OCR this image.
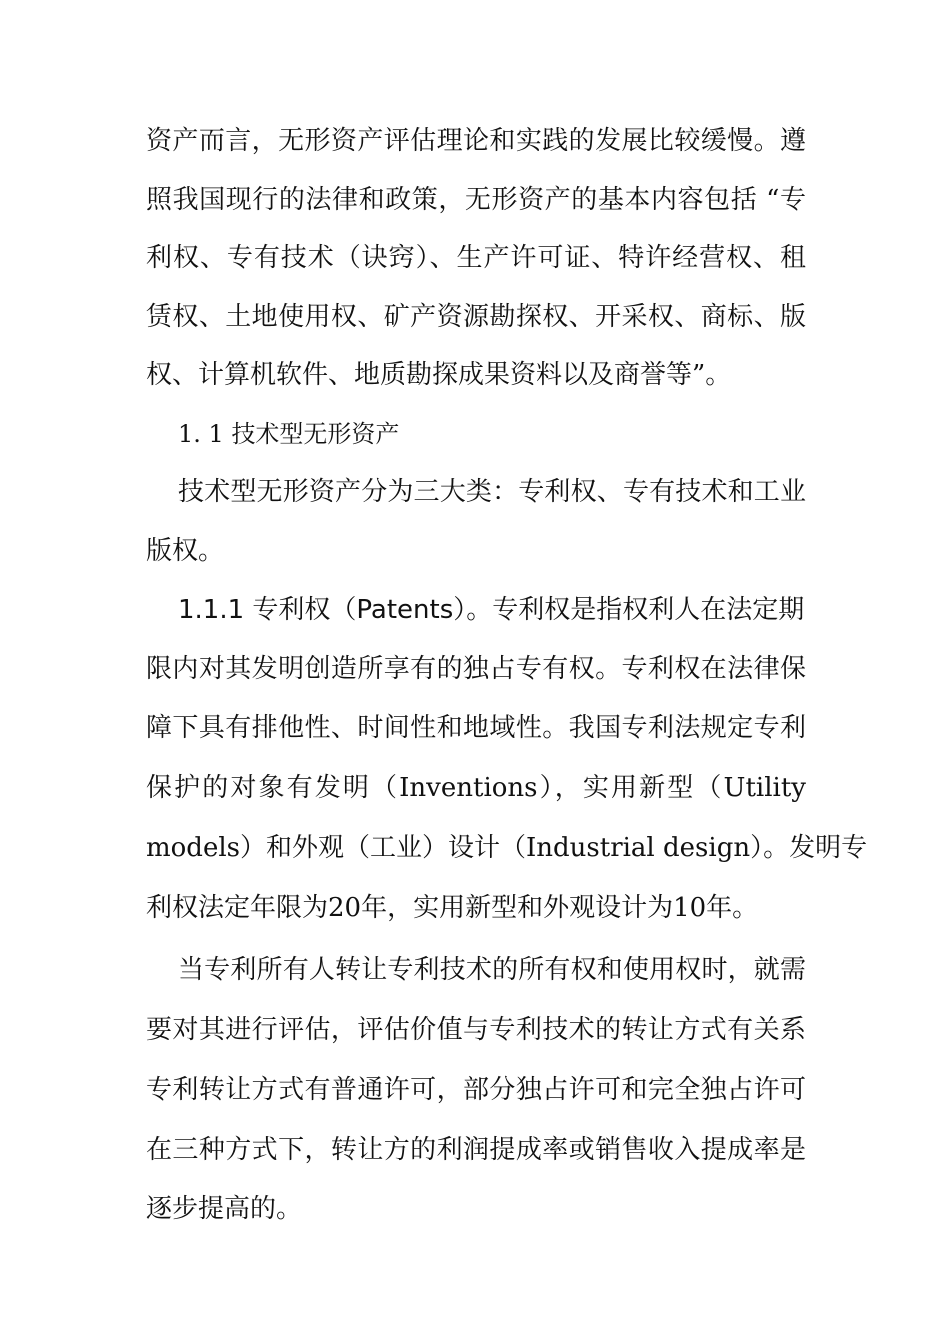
资产而言，无形资产评估理论和实践的发展比较缓慢。遵
照我国现行的法律和政策，无形资产的基本内容包括 “专
利权、专有技术（诀窍）、生产许可证、特许经营权、租
赁权、土地使用权、矿产资源勘探权、开采权、商标、版
权、计算机软件、地质勘探成果资料以及商誉等”。
1. 1 技术型无形资产
技术型无形资产分为三大类：专利权、专有技术和工业
版权。
1.1.1 专利权（Patents）。专利权是指权利人在法定期
限内对其发明创造所享有的独占专有权。专利权在法律保
障下具有排他性、时间性和地域性。我国专利法规定专利
保护的对象有发明（Inventions），实用新型（Utility
models）和外观（工业）设计（Industrial design）。发明专
利权法定年限为20年，实用新型和外观设计为10年。
当专利所有人转让专利技术的所有权和使用权时，就需
要对其进行评估，评估价值与专利技术的转让方式有关系
专利转让方式有普通许可，部分独占许可和完全独占许可
在三种方式下，转让方的利润提成率或销售收入提成率是
逐步提高的。
